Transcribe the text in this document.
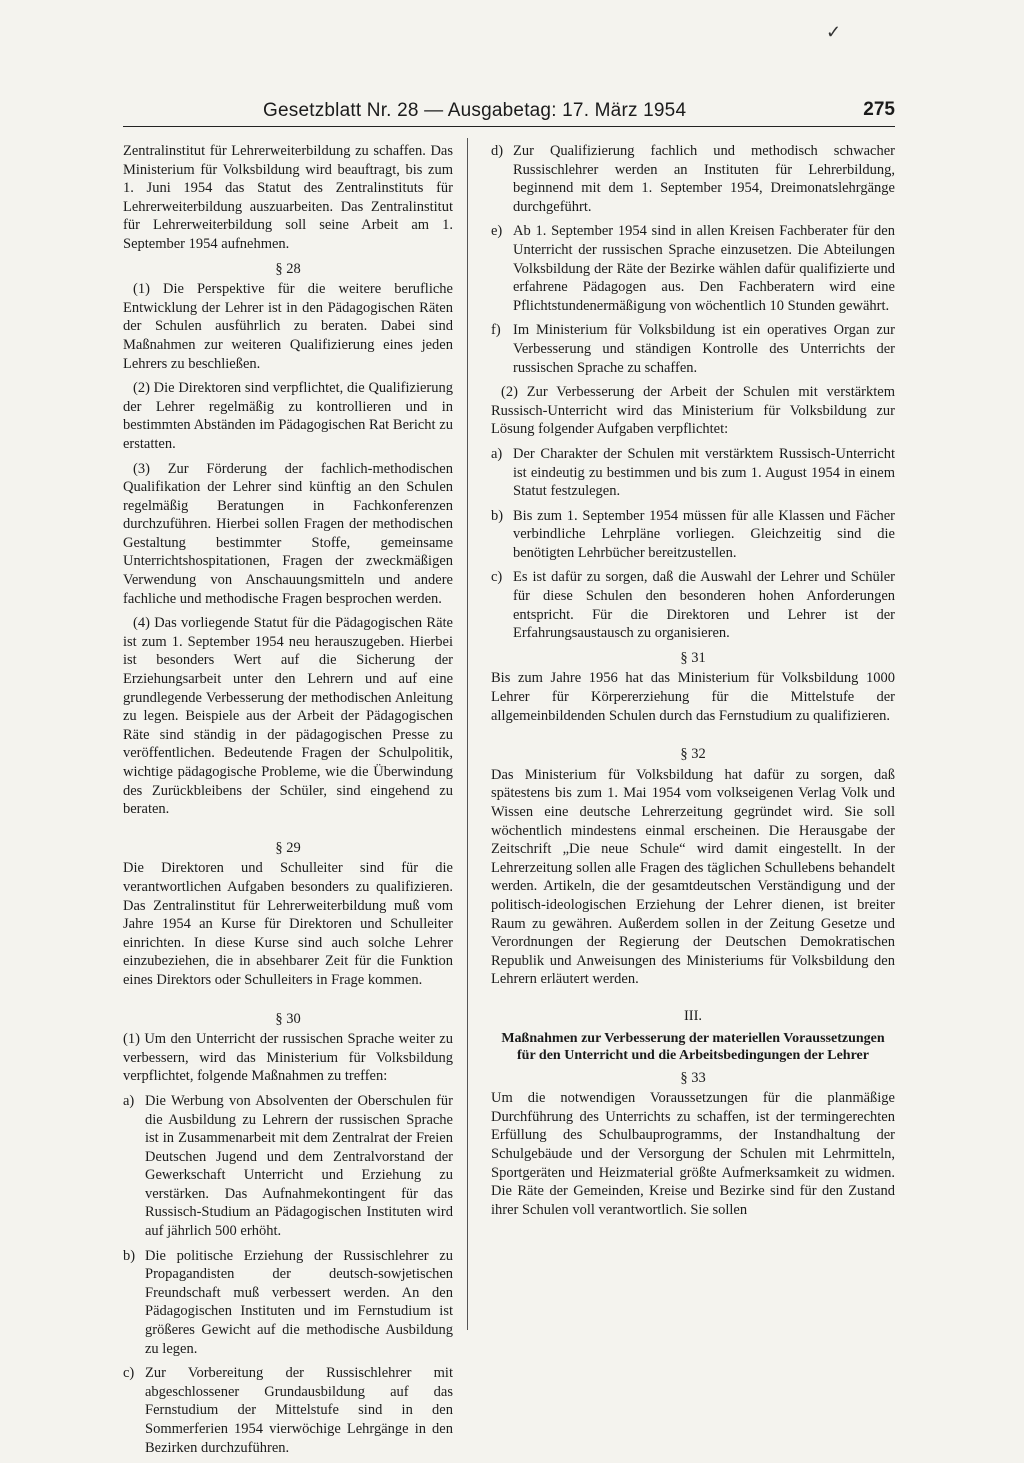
✓
Gesetzblatt Nr. 28 — Ausgabetag: 17. März 1954	275

Zentralinstitut für Lehrerweiterbildung zu schaffen. Das Ministerium für Volksbildung wird beauftragt, bis zum 1. Juni 1954 das Statut des Zentralinstituts für Lehrerweiterbildung auszuarbeiten. Das Zentralinstitut für Lehrerweiterbildung soll seine Arbeit am 1. September 1954 aufnehmen.

§ 28

(1) Die Perspektive für die weitere berufliche Entwicklung der Lehrer ist in den Pädagogischen Räten der Schulen ausführlich zu beraten. Dabei sind Maßnahmen zur weiteren Qualifizierung eines jeden Lehrers zu beschließen.

(2) Die Direktoren sind verpflichtet, die Qualifizierung der Lehrer regelmäßig zu kontrollieren und in bestimmten Abständen im Pädagogischen Rat Bericht zu erstatten.

(3) Zur Förderung der fachlich-methodischen Qualifikation der Lehrer sind künftig an den Schulen regelmäßig Beratungen in Fachkonferenzen durchzuführen. Hierbei sollen Fragen der methodischen Gestaltung bestimmter Stoffe, gemeinsame Unterrichtshospitationen, Fragen der zweckmäßigen Verwendung von Anschauungsmitteln und andere fachliche und methodische Fragen besprochen werden.

(4) Das vorliegende Statut für die Pädagogischen Räte ist zum 1. September 1954 neu herauszugeben. Hierbei ist besonders Wert auf die Sicherung der Erziehungsarbeit unter den Lehrern und auf eine grundlegende Verbesserung der methodischen Anleitung zu legen. Beispiele aus der Arbeit der Pädagogischen Räte sind ständig in der pädagogischen Presse zu veröffentlichen. Bedeutende Fragen der Schulpolitik, wichtige pädagogische Probleme, wie die Überwindung des Zurückbleibens der Schüler, sind eingehend zu beraten.

§ 29

Die Direktoren und Schulleiter sind für die verantwortlichen Aufgaben besonders zu qualifizieren. Das Zentralinstitut für Lehrerweiterbildung muß vom Jahre 1954 an Kurse für Direktoren und Schulleiter einrichten. In diese Kurse sind auch solche Lehrer einzubeziehen, die in absehbarer Zeit für die Funktion eines Direktors oder Schulleiters in Frage kommen.

§ 30

(1) Um den Unterricht der russischen Sprache weiter zu verbessern, wird das Ministerium für Volksbildung verpflichtet, folgende Maßnahmen zu treffen:

a) Die Werbung von Absolventen der Oberschulen für die Ausbildung zu Lehrern der russischen Sprache ist in Zusammenarbeit mit dem Zentralrat der Freien Deutschen Jugend und dem Zentralvorstand der Gewerkschaft Unterricht und Erziehung zu verstärken. Das Aufnahmekontingent für das Russisch-Studium an Pädagogischen Instituten wird auf jährlich 500 erhöht.
b) Die politische Erziehung der Russischlehrer zu Propagandisten der deutsch-sowjetischen Freundschaft muß verbessert werden. An den Pädagogischen Instituten und im Fernstudium ist größeres Gewicht auf die methodische Ausbildung zu legen.
c) Zur Vorbereitung der Russischlehrer mit abgeschlossener Grundausbildung auf das Fernstudium der Mittelstufe sind in den Sommerferien 1954 vierwöchige Lehrgänge in den Bezirken durchzuführen.
d) Zur Qualifizierung fachlich und methodisch schwacher Russischlehrer werden an Instituten für Lehrerbildung, beginnend mit dem 1. September 1954, Dreimonatslehrgänge durchgeführt.
e) Ab 1. September 1954 sind in allen Kreisen Fachberater für den Unterricht der russischen Sprache einzusetzen. Die Abteilungen Volksbildung der Räte der Bezirke wählen dafür qualifizierte und erfahrene Pädagogen aus. Den Fachberatern wird eine Pflichtstundenermäßigung von wöchentlich 10 Stunden gewährt.
f) Im Ministerium für Volksbildung ist ein operatives Organ zur Verbesserung und ständigen Kontrolle des Unterrichts der russischen Sprache zu schaffen.

(2) Zur Verbesserung der Arbeit der Schulen mit verstärktem Russisch-Unterricht wird das Ministerium für Volksbildung zur Lösung folgender Aufgaben verpflichtet:

a) Der Charakter der Schulen mit verstärktem Russisch-Unterricht ist eindeutig zu bestimmen und bis zum 1. August 1954 in einem Statut festzulegen.
b) Bis zum 1. September 1954 müssen für alle Klassen und Fächer verbindliche Lehrpläne vorliegen. Gleichzeitig sind die benötigten Lehrbücher bereitzustellen.
c) Es ist dafür zu sorgen, daß die Auswahl der Lehrer und Schüler für diese Schulen den besonderen hohen Anforderungen entspricht. Für die Direktoren und Lehrer ist der Erfahrungsaustausch zu organisieren.
§ 31

Bis zum Jahre 1956 hat das Ministerium für Volksbildung 1000 Lehrer für Körpererziehung für die Mittelstufe der allgemeinbildenden Schulen durch das Fernstudium zu qualifizieren.

§ 32

Das Ministerium für Volksbildung hat dafür zu sorgen, daß spätestens bis zum 1. Mai 1954 vom volkseigenen Verlag Volk und Wissen eine deutsche Lehrerzeitung gegründet wird. Sie soll wöchentlich mindestens einmal erscheinen. Die Herausgabe der Zeitschrift „Die neue Schule“ wird damit eingestellt. In der Lehrerzeitung sollen alle Fragen des täglichen Schullebens behandelt werden. Artikeln, die der gesamtdeutschen Verständigung und der politisch-ideologischen Erziehung der Lehrer dienen, ist breiter Raum zu gewähren. Außerdem sollen in der Zeitung Gesetze und Verordnungen der Regierung der Deutschen Demokratischen Republik und Anweisungen des Ministeriums für Volksbildung den Lehrern erläutert werden.

III.
Maßnahmen zur Verbesserung der materiellen Voraussetzungen für den Unterricht und die Arbeitsbedingungen der Lehrer
§ 33

Um die notwendigen Voraussetzungen für die planmäßige Durchführung des Unterrichts zu schaffen, ist der termingerechten Erfüllung des Schulbauprogramms, der Instandhaltung der Schulgebäude und der Versorgung der Schulen mit Lehrmitteln, Sportgeräten und Heizmaterial größte Aufmerksamkeit zu widmen. Die Räte der Gemeinden, Kreise und Bezirke sind für den Zustand ihrer Schulen voll verantwortlich. Sie sollen
